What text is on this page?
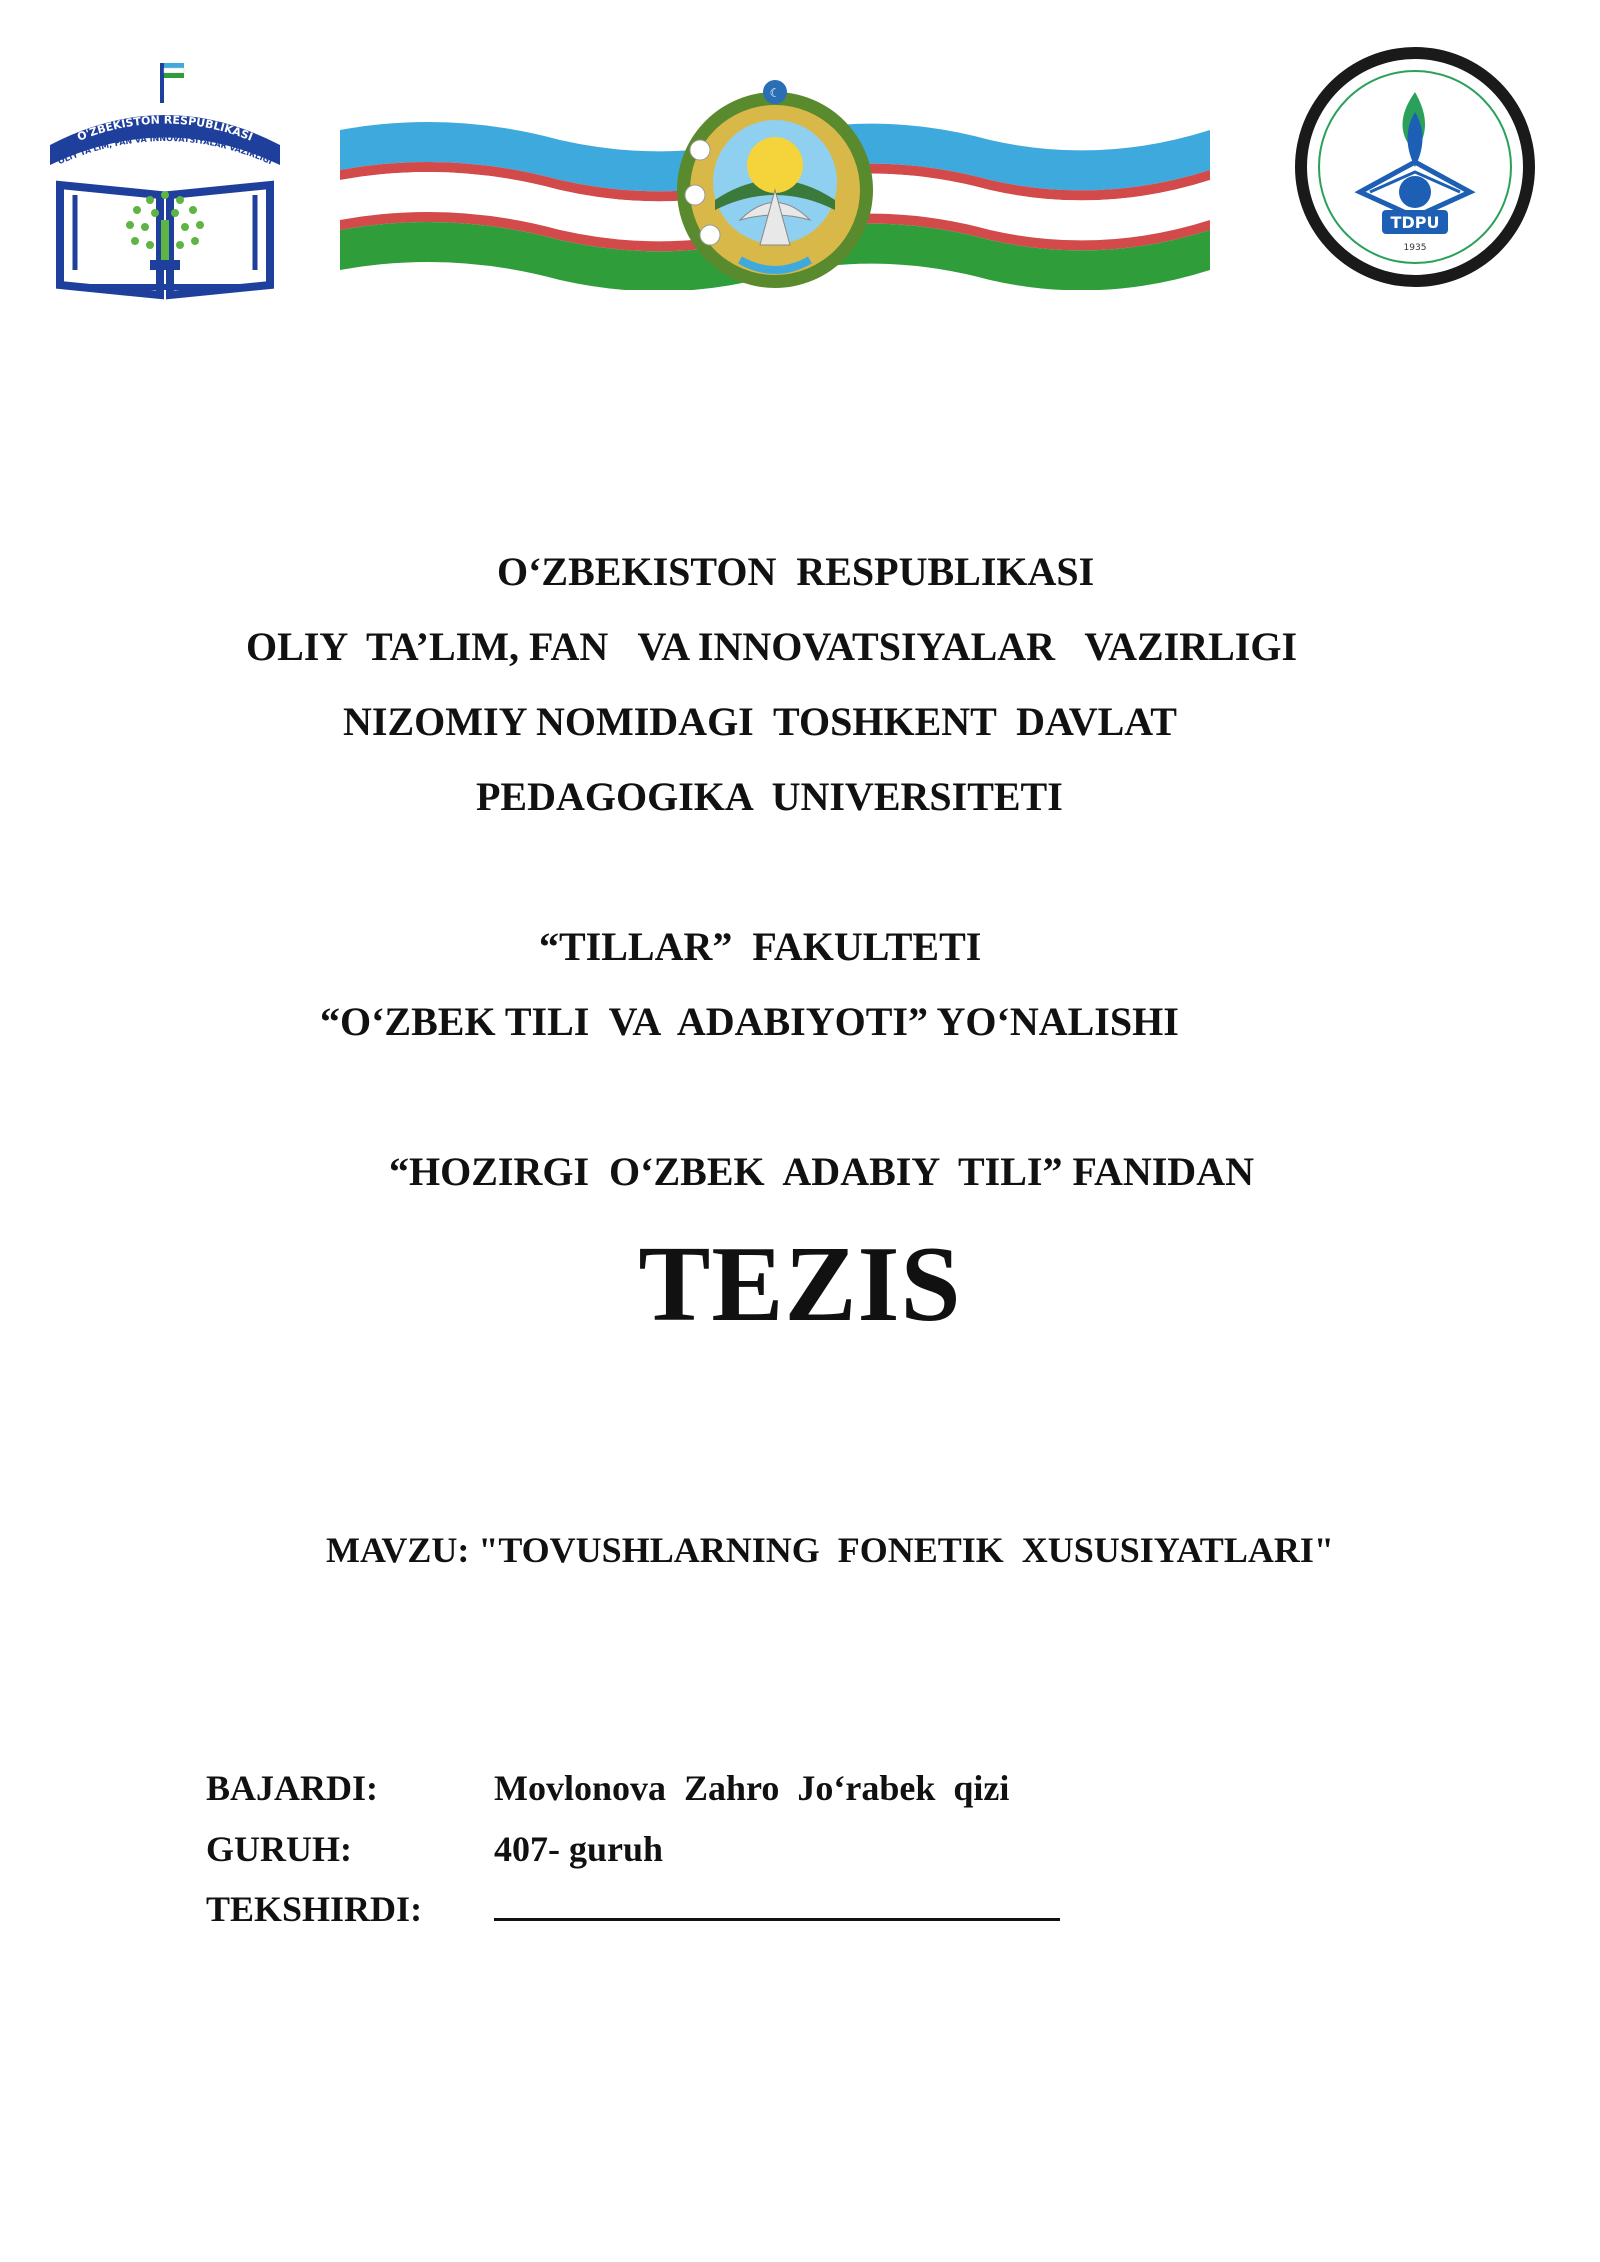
O'ZBEKISTON RESPUBLIKASI
OLIY TA'LIM, FAN VA INNOVATSIYALAR VAZIRLIGI
☾
TDPU
1935

O‘ZBEKISTON  RESPUBLIKASI

OLIY  TA’LIM, FAN   VA INNOVATSIYALAR   VAZIRLIGI

NIZOMIY NOMIDAGI  TOSHKENT  DAVLAT

PEDAGOGIKA  UNIVERSITETI

“TILLAR”  FAKULTETI

“O‘ZBEK TILI  VA  ADABIYOTI” YO‘NALISHI

“HOZIRGI  O‘ZBEK  ADABIY  TILI” FANIDAN

TEZIS
MAVZU: "TOVUSHLARNING  FONETIK  XUSUSIYATLARI"
BAJARDI:	Movlonova  Zahro  Jo‘rabek  qizi
GURUH:	407- guruh
TEKSHIRDI:
